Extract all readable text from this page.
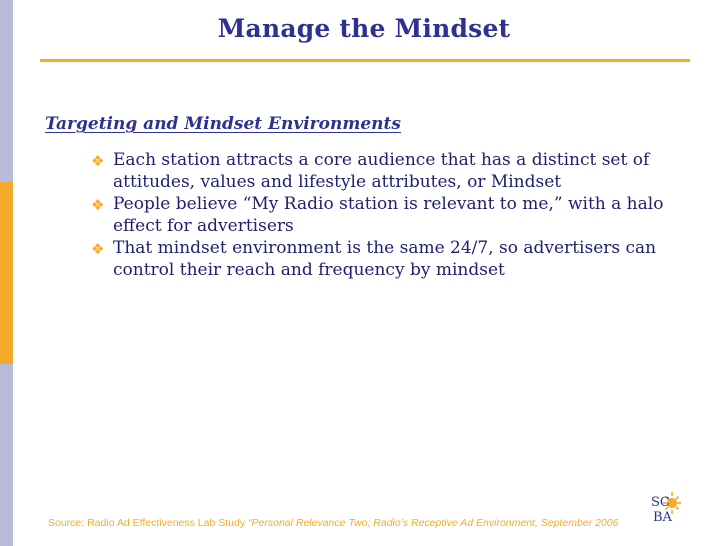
Manage the Mindset
Targeting and Mindset Environments
❖ Each station attracts a core audience that has a distinct set of attitudes, values and lifestyle attributes, or Mindset
❖ People believe “My Radio station is relevant to me,” with a halo effect for advertisers
❖ That mindset environment is the same 24/7, so advertisers can control their reach and frequency by mindset
Source: Radio Ad Effectiveness Lab Study “Personal Relevance Two; Radio’s Receptive Ad Environment, September 2006
SC
BA
